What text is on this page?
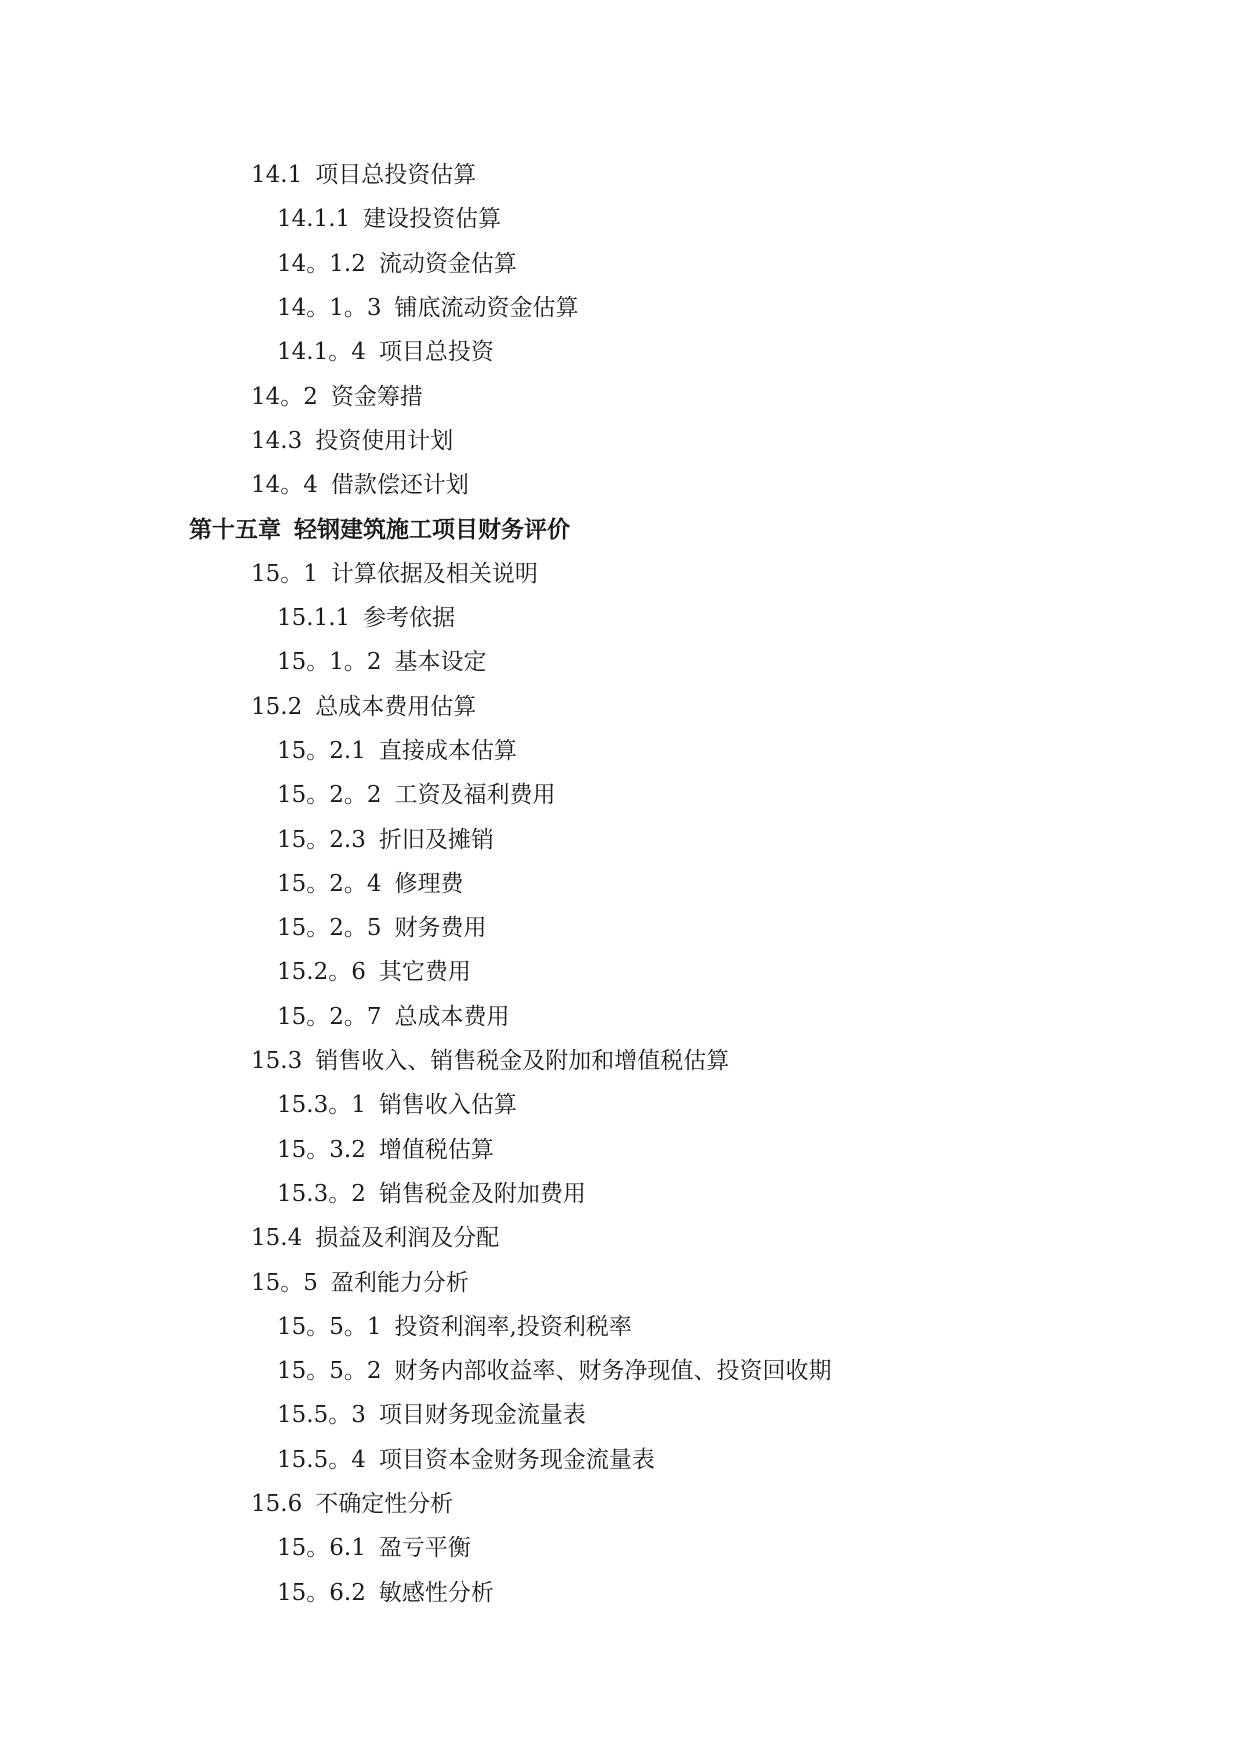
14.1 项目总投资估算
14.1.1 建设投资估算
14。1.2 流动资金估算
14。1。3 铺底流动资金估算
14.1。4 项目总投资
14。2 资金筹措
14.3 投资使用计划
14。4 借款偿还计划
第十五章 轻钢建筑施工项目财务评价
15。1 计算依据及相关说明
15.1.1 参考依据
15。1。2 基本设定
15.2 总成本费用估算
15。2.1 直接成本估算
15。2。2 工资及福利费用
15。2.3 折旧及摊销
15。2。4 修理费
15。2。5 财务费用
15.2。6 其它费用
15。2。7 总成本费用
15.3 销售收入、销售税金及附加和增值税估算
15.3。1 销售收入估算
15。3.2 增值税估算
15.3。2 销售税金及附加费用
15.4 损益及利润及分配
15。5 盈利能力分析
15。5。1 投资利润率,投资利税率
15。5。2 财务内部收益率、财务净现值、投资回收期
15.5。3 项目财务现金流量表
15.5。4 项目资本金财务现金流量表
15.6 不确定性分析
15。6.1 盈亏平衡
15。6.2 敏感性分析
